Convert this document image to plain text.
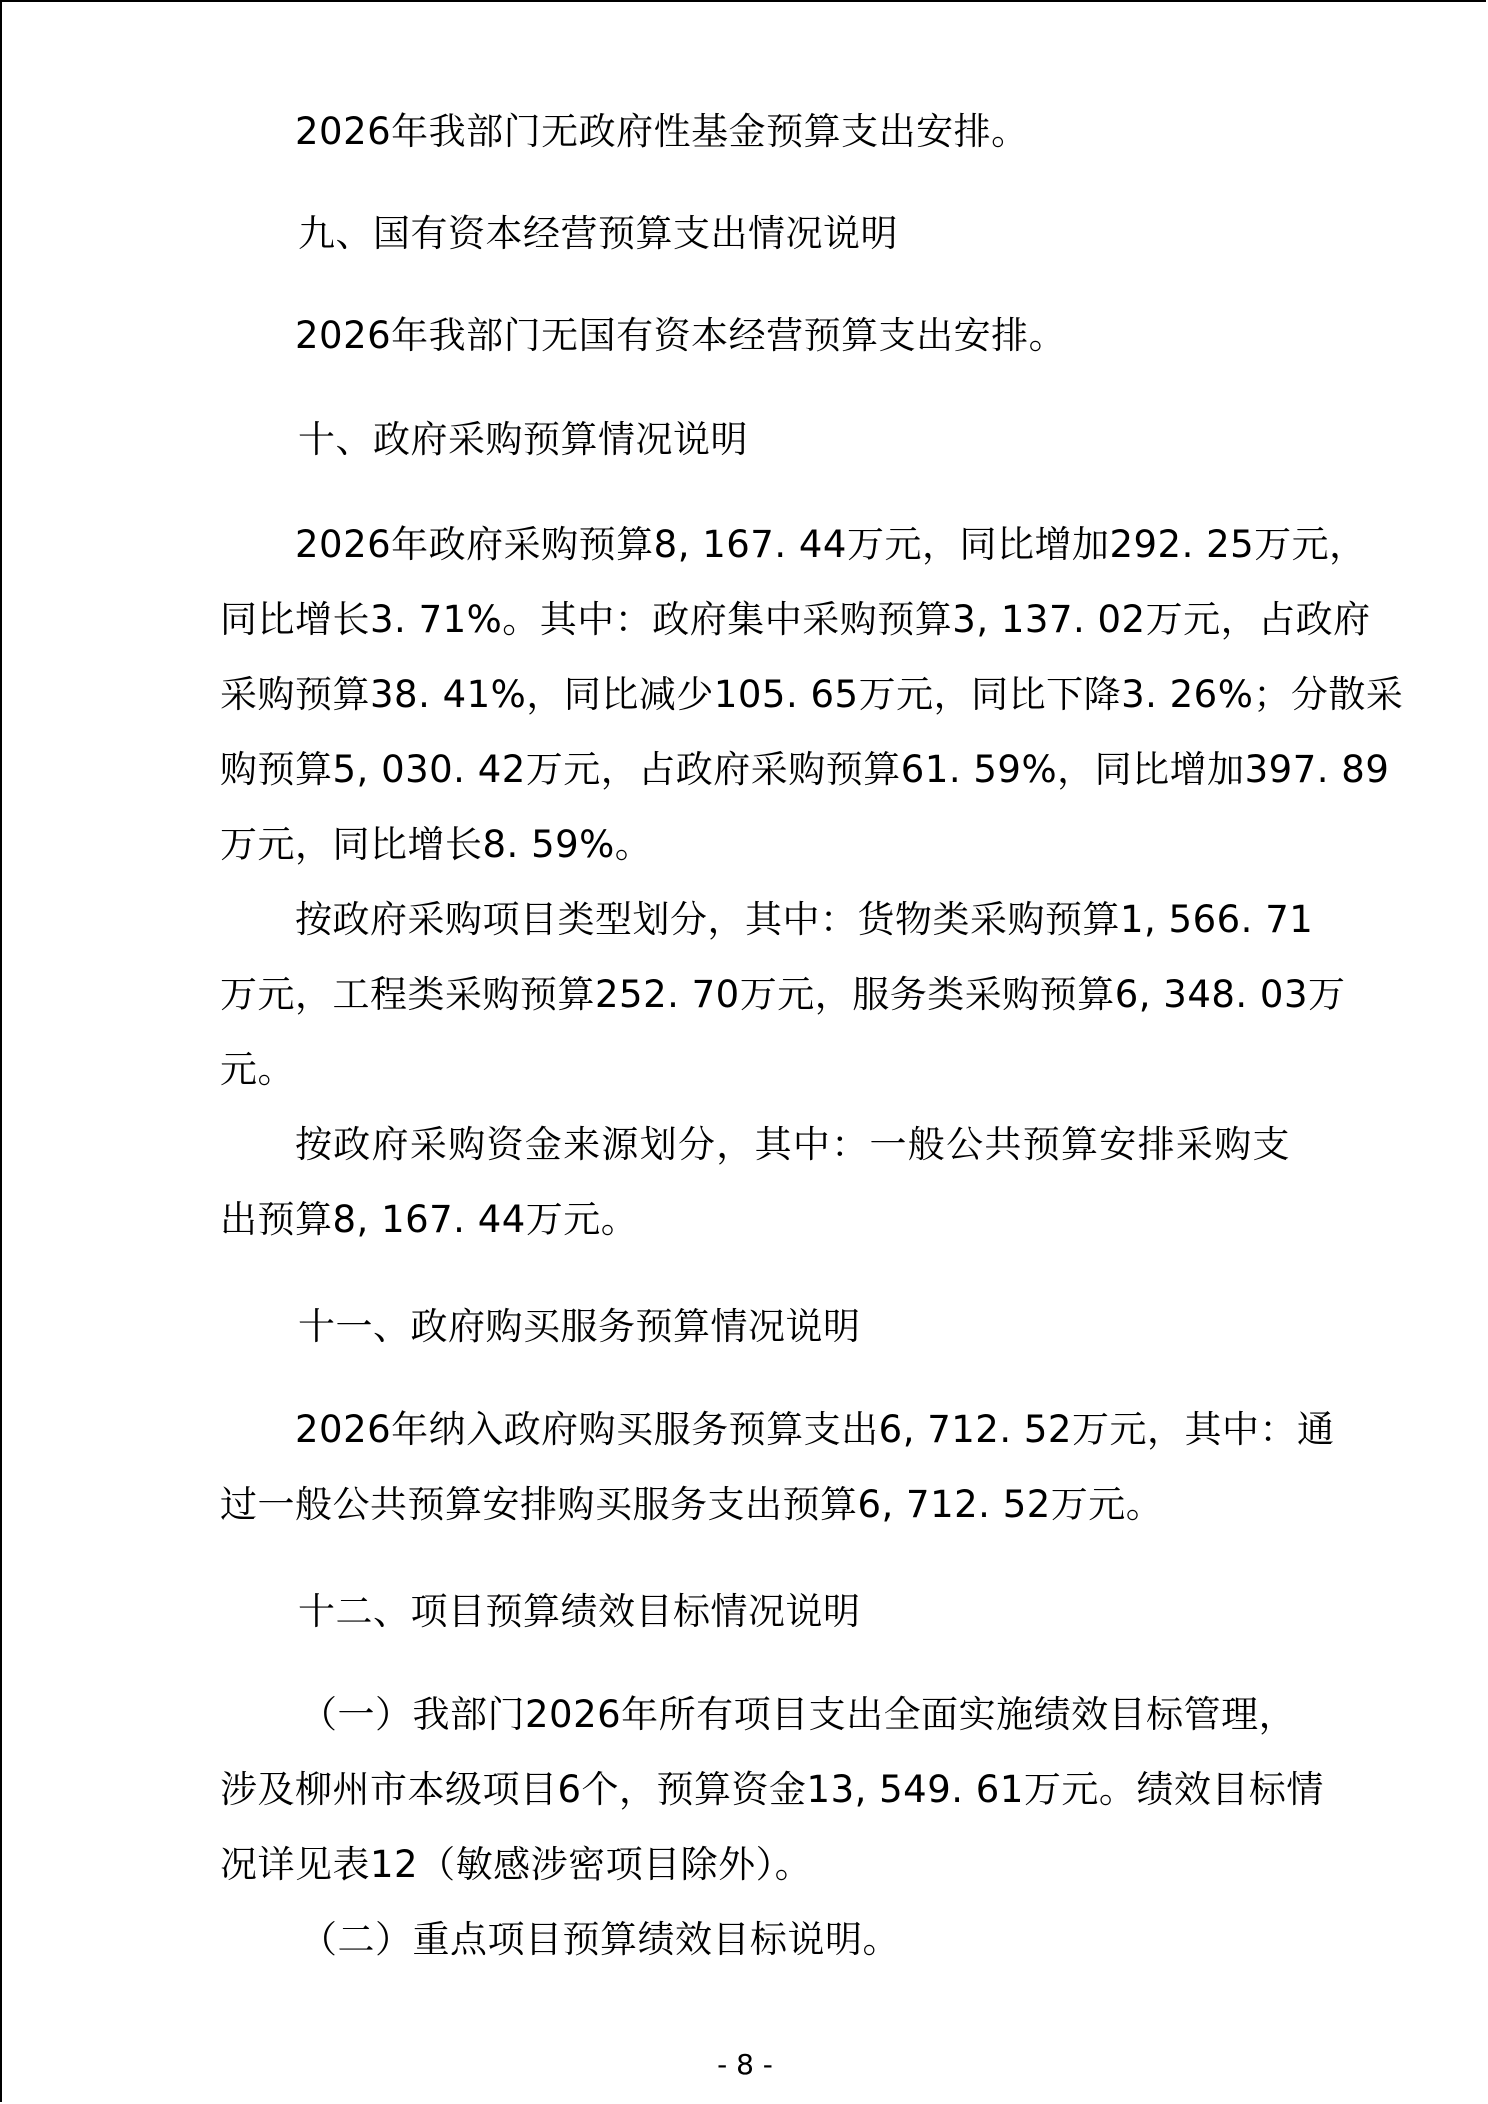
2026年我部门无政府性基金预算支出安排。
九、国有资本经营预算支出情况说明
2026年我部门无国有资本经营预算支出安排。
十、政府采购预算情况说明
2026年政府采购预算8, 167. 44万元，同比增加292. 25万元，
同比增长3. 71%。其中：政府集中采购预算3, 137. 02万元，占政府
采购预算38. 41%，同比减少105. 65万元，同比下降3. 26%；分散采
购预算5, 030. 42万元，占政府采购预算61. 59%，同比增加397. 89
万元，同比增长8. 59%。
按政府采购项目类型划分，其中：货物类采购预算1, 566. 71
万元，工程类采购预算252. 70万元，服务类采购预算6, 348. 03万
元。
按政府采购资金来源划分，其中：一般公共预算安排采购支
出预算8, 167. 44万元。
十一、政府购买服务预算情况说明
2026年纳入政府购买服务预算支出6, 712. 52万元，其中：通
过一般公共预算安排购买服务支出预算6, 712. 52万元。
十二、项目预算绩效目标情况说明
（一）我部门2026年所有项目支出全面实施绩效目标管理，
涉及柳州市本级项目6个，预算资金13, 549. 61万元。绩效目标情
况详见表12（敏感涉密项目除外）。
（二）重点项目预算绩效目标说明。
- 8 -
